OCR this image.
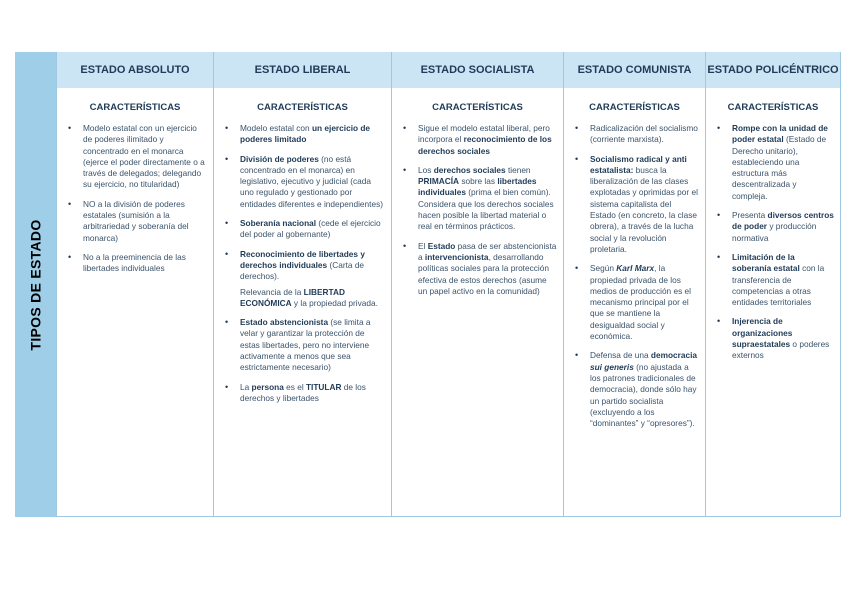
TIPOS DE ESTADO
ESTADO ABSOLUTO	ESTADO LIBERAL	ESTADO SOCIALISTA	ESTADO COMUNISTA	ESTADO POLICÉNTRICO
CARACTERÍSTICAS
• Modelo estatal con un ejercicio de poderes ilimitado y concentrado en el monarca (ejerce el poder directamente o a través de delegados; delegando su ejercicio, no titularidad)
• NO a la división de poderes estatales (sumisión a la arbitrariedad y soberanía del monarca)
• No a la preeminencia de las libertades individuales
CARACTERÍSTICAS
• Modelo estatal con un ejercicio de poderes limitado
• División de poderes (no está concentrado en el monarca) en legislativo, ejecutivo y judicial (cada uno regulado y gestionado por entidades diferentes e independientes)
• Soberanía nacional (cede el ejercicio del poder al gobernante)
• Reconocimiento de libertades y derechos individuales (Carta de derechos).
Relevancia de la LIBERTAD ECONÓMICA y la propiedad privada.
• Estado abstencionista (se limita a velar y garantizar la protección de estas libertades, pero no interviene activamente a menos que sea estrictamente necesario)
• La persona es el TITULAR de los derechos y libertades
CARACTERÍSTICAS
• Sigue el modelo estatal liberal, pero incorpora el reconocimiento de los derechos sociales
• Los derechos sociales tienen PRIMACÍA sobre las libertades individuales (prima el bien común). Considera que los derechos sociales hacen posible la libertad material o real en términos prácticos.
• El Estado pasa de ser abstencionista a intervencionista, desarrollando políticas sociales para la protección efectiva de estos derechos (asume un papel activo en la comunidad)
CARACTERÍSTICAS
• Radicalización del socialismo (corriente marxista).
• Socialismo radical y anti estatalista: busca la liberalización de las clases explotadas y oprimidas por el sistema capitalista del Estado (en concreto, la clase obrera), a través de la lucha social y la revolución proletaria.
• Según Karl Marx, la propiedad privada de los medios de producción es el mecanismo principal por el que se mantiene la desigualdad social y económica.
• Defensa de una democracia sui generis (no ajustada a los patrones tradicionales de democracia), donde sólo hay un partido socialista (excluyendo a los “dominantes” y “opresores”).
CARACTERÍSTICAS
• Rompe con la unidad de poder estatal (Estado de Derecho unitario), estableciendo una estructura más descentralizada y compleja.
• Presenta diversos centros de poder y producción normativa
• Limitación de la soberanía estatal con la transferencia de competencias a otras entidades territoriales
• Injerencia de organizaciones supraestatales o poderes externos
